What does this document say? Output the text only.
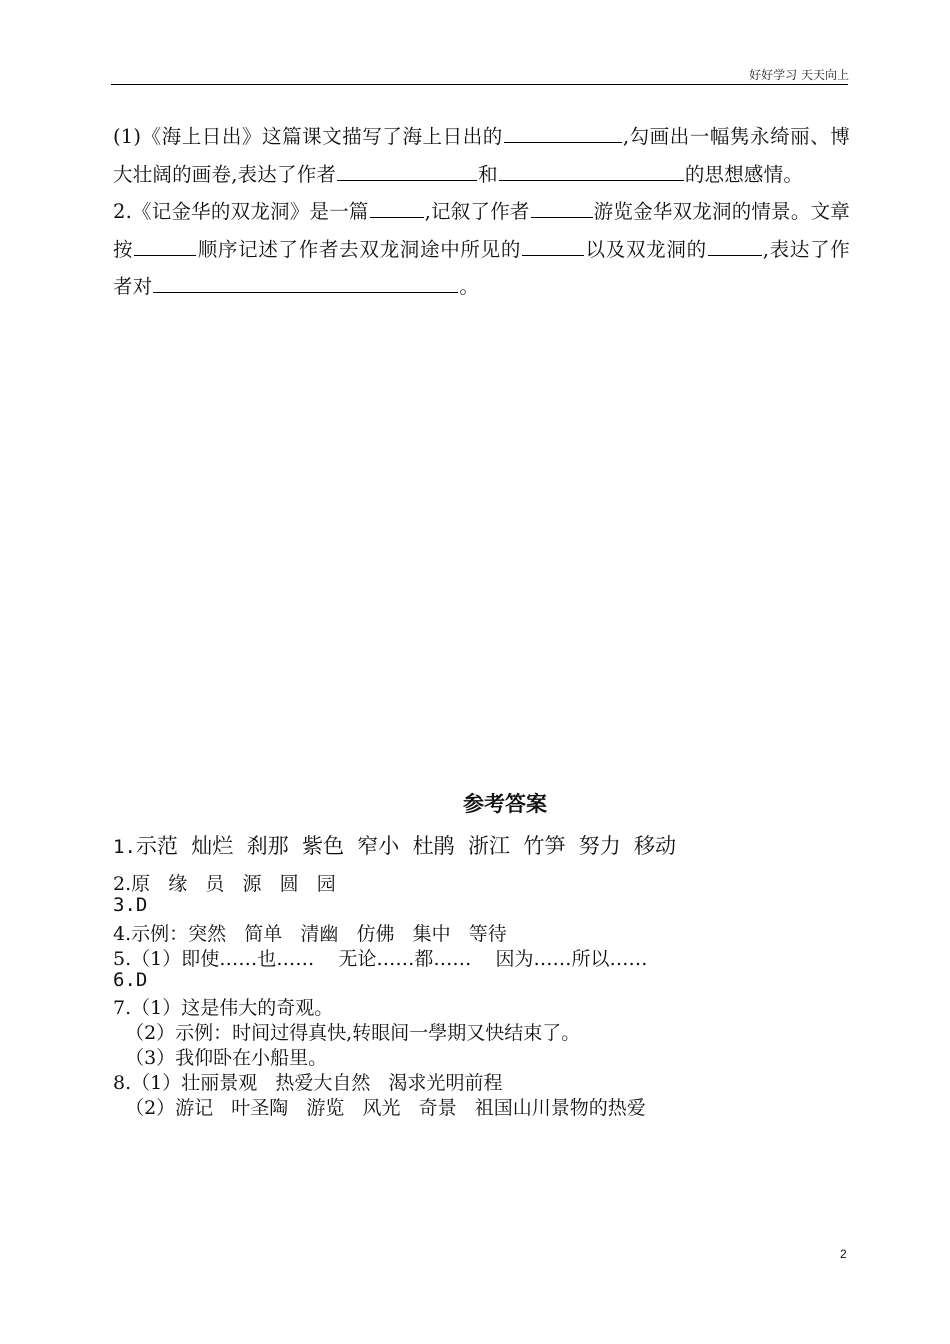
好好学习 天天向上
(1)《海上日出》这篇课文描写了海上日出的	,勾画出一幅隽永绮丽、博大壮阔的画卷,表达了作者	和	的思想感情。
2.《记金华的双龙洞》是一篇	,记叙了作者	游览金华双龙洞的情景。文章按	顺序记述了作者去双龙洞途中所见的	以及双龙洞的	,表达了作者对	。
参考答案
1.示范  灿烂  刹那  紫色  窄小  杜鹃  浙江  竹笋  努力  移动
2.原   缘   员   源   圆   园
3.D
4.示例：突然   简单   清幽   仿佛   集中   等待
5.（1）即使……也……    无论……都……    因为……所以……
6.D
7.（1）这是伟大的奇观。
（2）示例：时间过得真快,转眼间一學期又快结束了。
（3）我仰卧在小船里。
8.（1）壮丽景观   热爱大自然   渴求光明前程
（2）游记   叶圣陶   游览   风光   奇景   祖国山川景物的热爱
2
